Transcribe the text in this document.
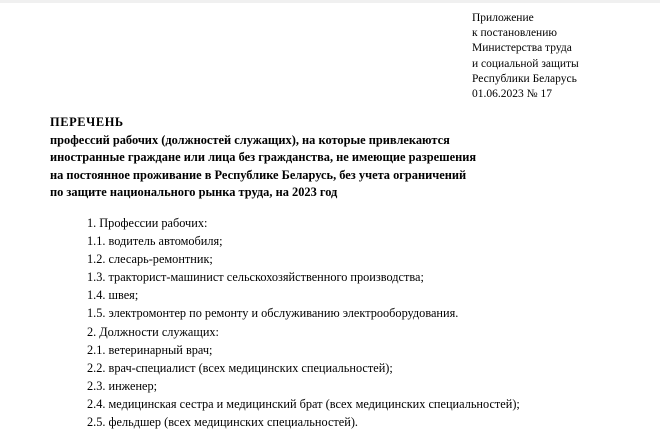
Приложение
к постановлению
Министерства труда
и социальной защиты
Республики Беларусь
01.06.2023 № 17
ПЕРЕЧЕНЬ
профессий рабочих (должностей служащих), на которые привлекаются
иностранные граждане или лица без гражданства, не имеющие разрешения
на постоянное проживание в Республике Беларусь, без учета ограничений
по защите национального рынка труда, на 2023 год
1. Профессии рабочих:
1.1. водитель автомобиля;
1.2. слесарь-ремонтник;
1.3. тракторист-машинист сельскохозяйственного производства;
1.4. швея;
1.5. электромонтер по ремонту и обслуживанию электрооборудования.
2. Должности служащих:
2.1. ветеринарный врач;
2.2. врач-специалист (всех медицинских специальностей);
2.3. инженер;
2.4. медицинская сестра и медицинский брат (всех медицинских специальностей);
2.5. фельдшер (всех медицинских специальностей).
